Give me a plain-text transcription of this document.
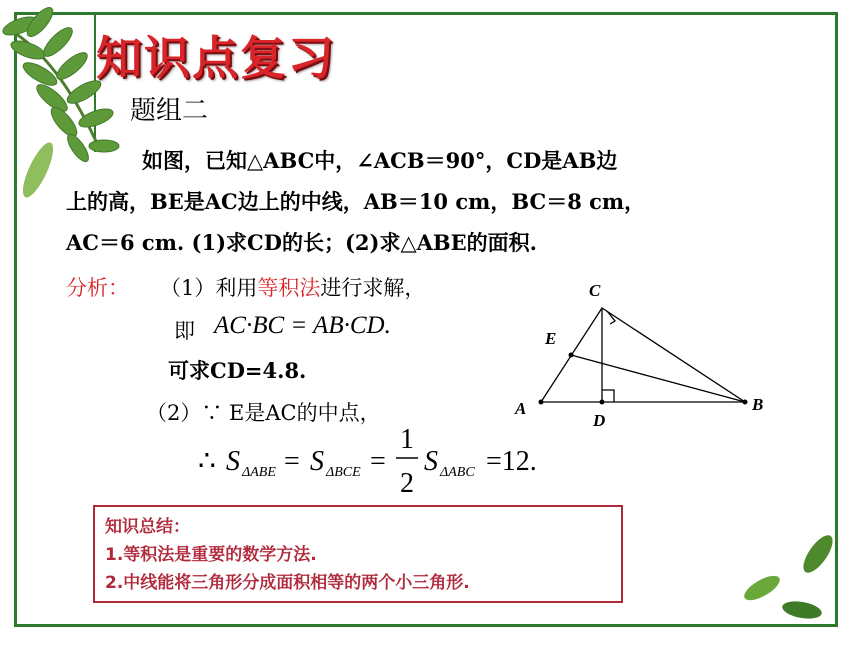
知识点复习
题组二
如图，已知△ABC中，∠ACB＝90°，CD是AB边
上的高，BE是AC边上的中线，AB＝10 cm，BC＝8 cm，
AC＝6 cm. (1)求CD的长；(2)求△ABE的面积.
分析： （1）利用等积法进行求解，
即 AC·BC = AB·CD.
可求CD=4.8.
（2）∵ E是AC的中点，
∴ S ΔABE = S ΔBCE =
1
2
S ΔABC =12.
C
E
A
D
B
知识总结：
1.等积法是重要的数学方法.
2.中线能将三角形分成面积相等的两个小三角形.
